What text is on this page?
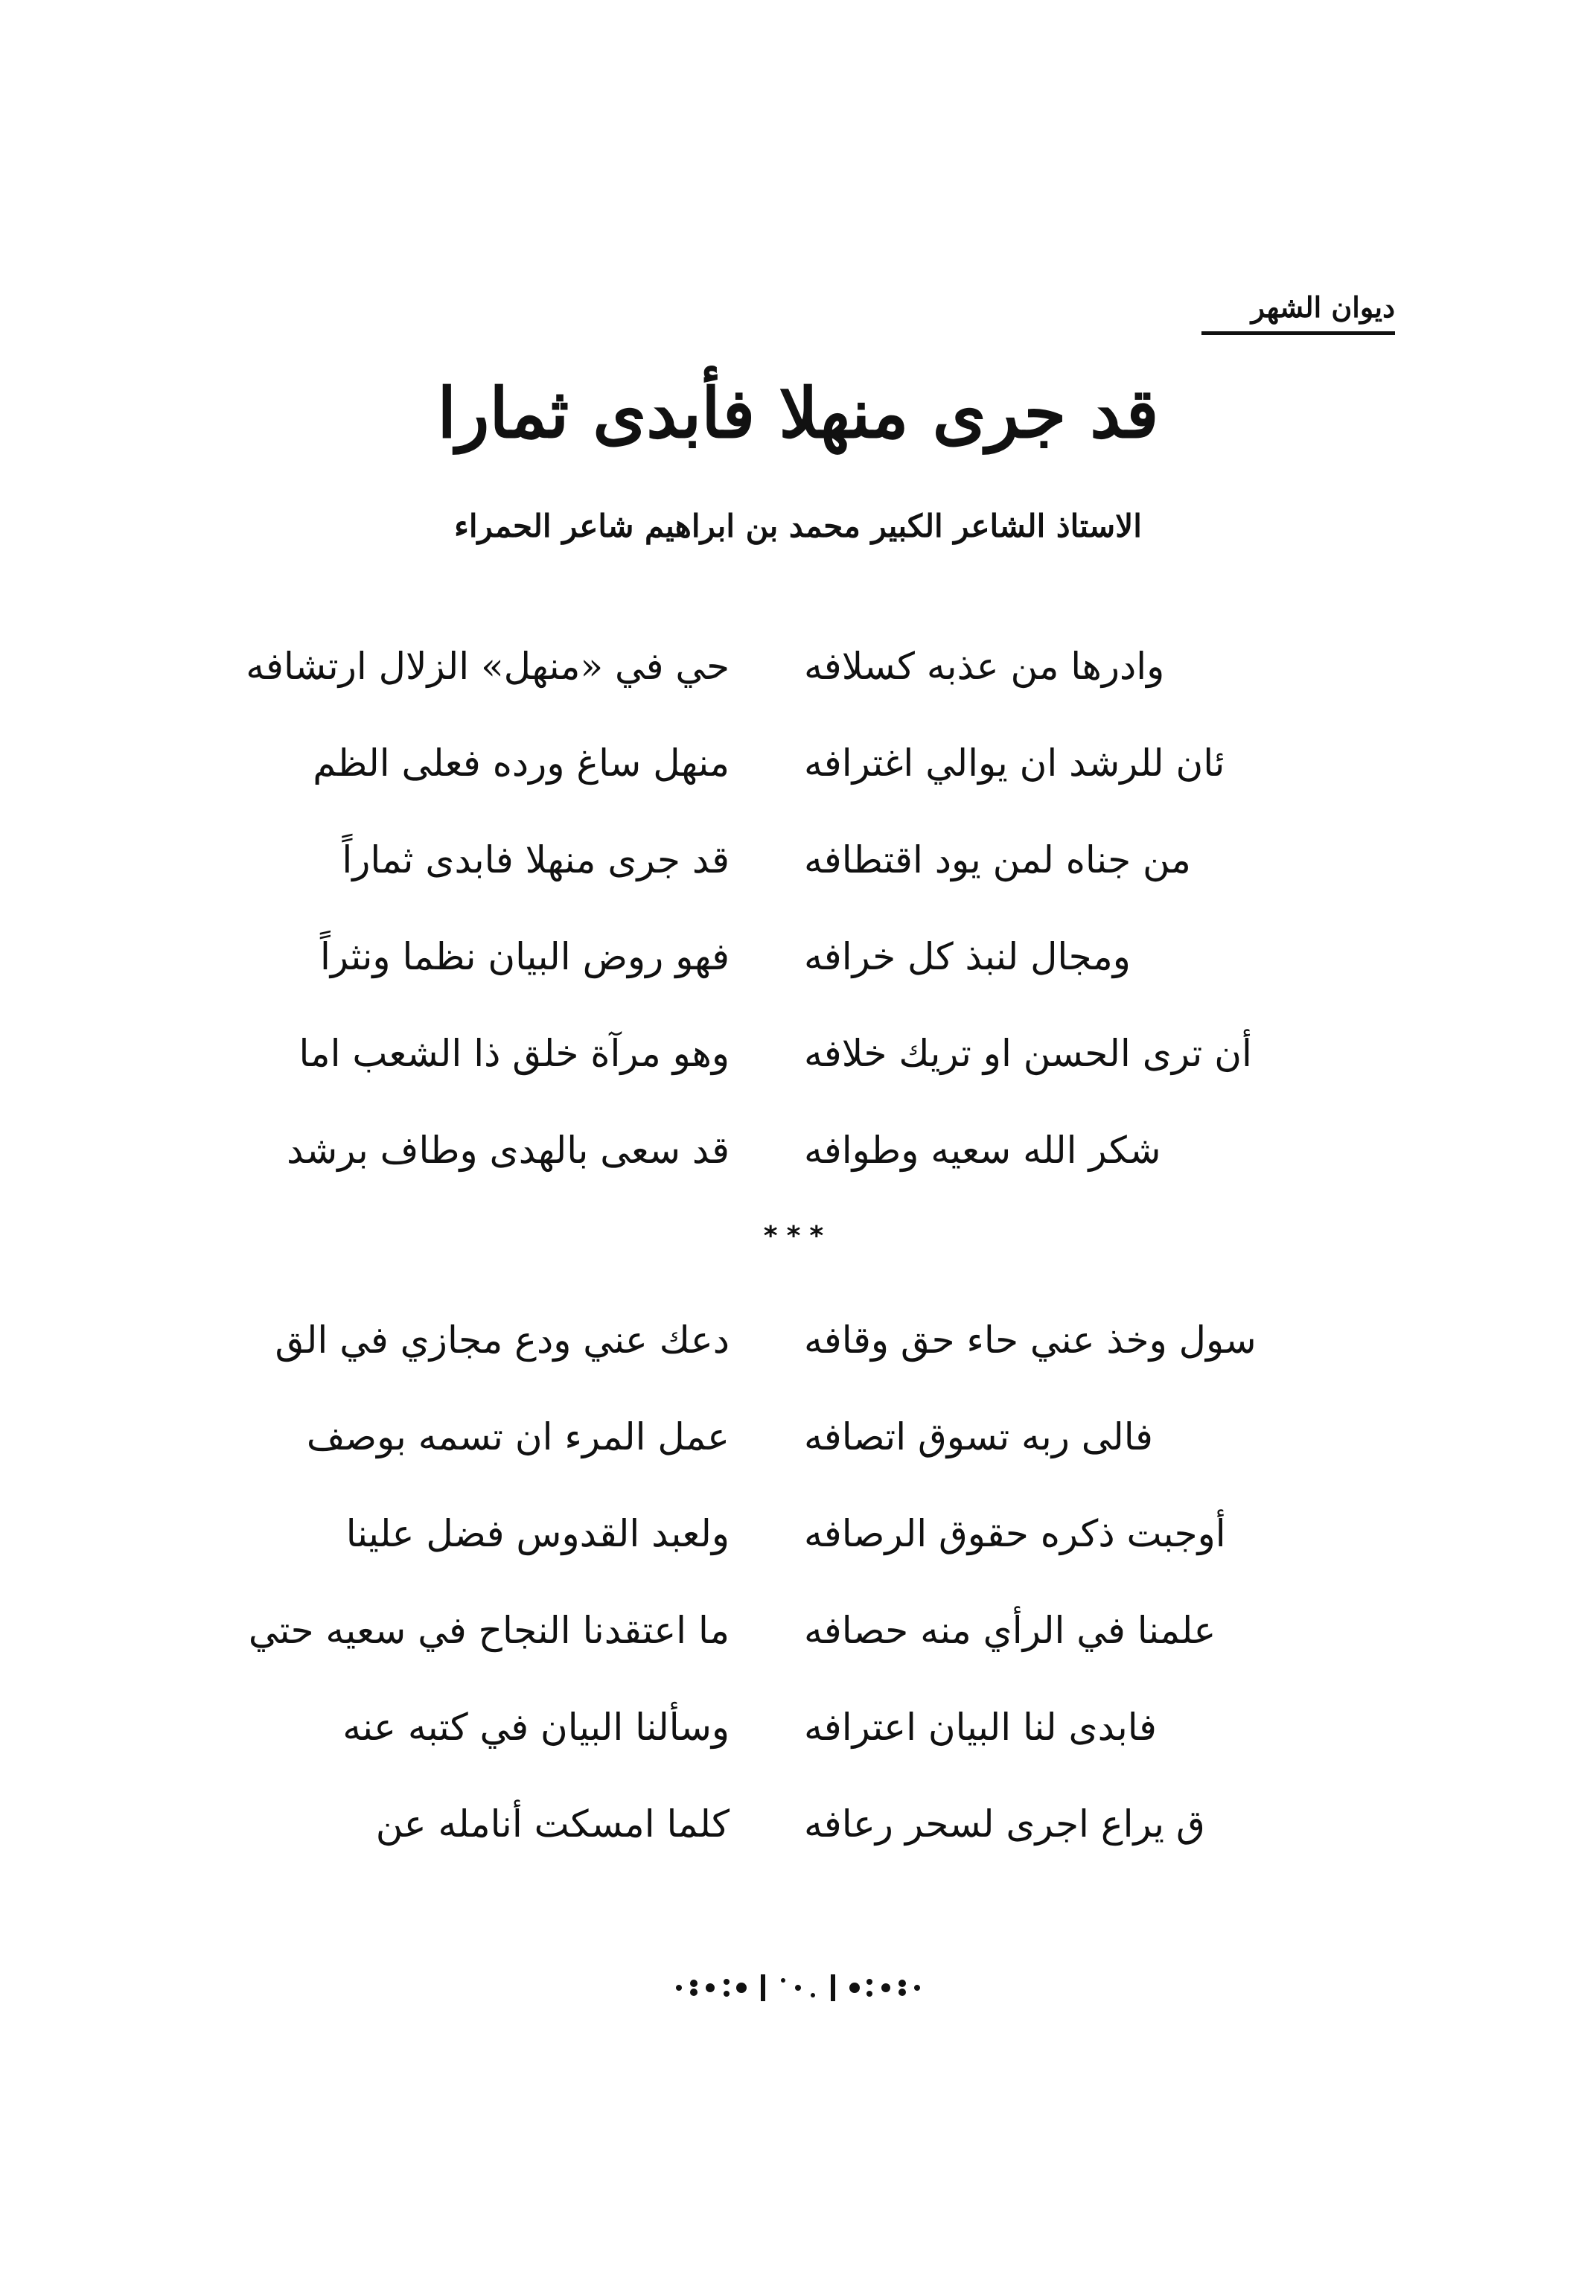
ديوان الشهر
قد جرى منهلا فأبدى ثمارا
الاستاذ الشاعر الكبير محمد بن ابراهيم شاعر الحمراء
حي في «منهل» الزلال ارتشافه وادرها من عذبه كسلافه
منهل ساغ ورده فعلى الظم ئان للرشد ان يوالي اغترافه
قد جرى منهلا فابدى ثماراً من جناه لمن يود اقتطافه
فهو روض البيان نظما ونثراً ومجال لنبذ كل خرافه
وهو مرآة خلق ذا الشعب اما أن ترى الحسن او تريك خلافه
قد سعى بالهدى وطاف برشد شكر الله سعيه وطوافه
***
دعك عني ودع مجازي في الق سول وخذ عني حاء حق وقافه
عمل المرء ان تسمه بوصف فالى ربه تسوق اتصافه
ولعبد القدوس فضل علينا أوجبت ذكره حقوق الرصافه
ما اعتقدنا النجاح في سعيه حتي علمنا في الرأي منه حصافه
وسألنا البيان في كتبه عنه فابدى لنا البيان اعترافه
كلما امسكت أنامله عن ق يراع اجرى لسحر رعافه
